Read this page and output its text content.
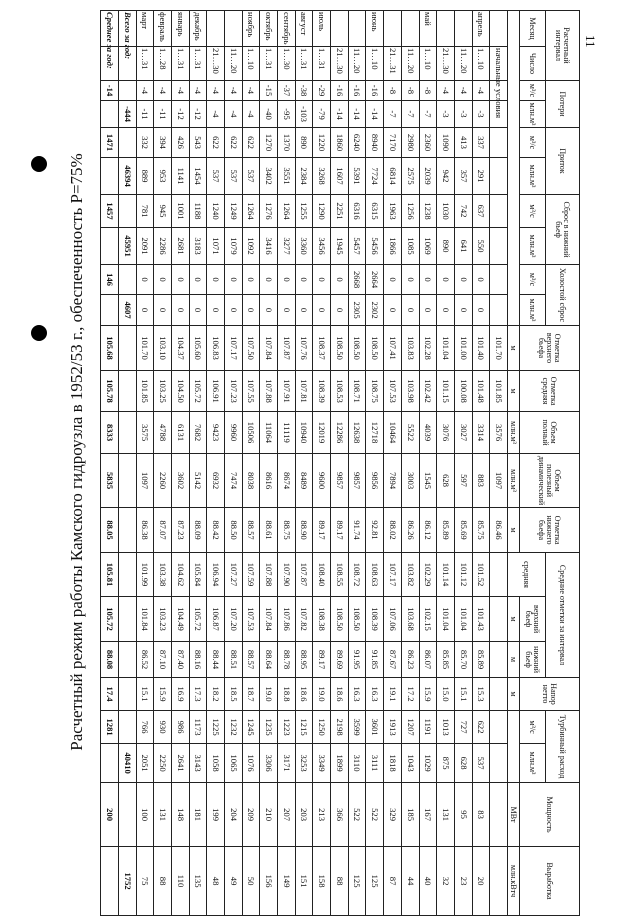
11
Расчетный режим работы Камского гидроузла в 1952/53 г., обеспеченность P=75%
Расчетный интервал		Потери		Приток		Сброс в нижний бьеф		Холостой сброс		Отметка верхнего бьефа	Отметка средняя	Объем полный	Объем полезный динамический	Отметка нижнего бьефа	Средние отметки за интервал			Напор нетто	Турбинный расход		Мощность	Выработка
Месяц	Число	м³/с	млн.м³	м³/с	млн.м³	м³/с	млн.м³	м³/с	млн.м³						средняя	верхний бьеф	нижний бьеф		м³/с	млн.м³		
										м	м	млн.м³	млн.м³	м		м	м	м			МВт	млн.кВтч
	начальные условия									101.70	101.85	3576	1097	86.46								
апрель	1…10	-4	-3	337	291	637	550	0	0	101.40	101.48	3314	883	85.75	101.52	101.43	85.89	15.3	622	537	83	20
	11…20	-4	-3	413	357	742	641	0	0	101.00	100.08	3027	597	85.69	101.12	101.04	85.70	15.1	727	628	95	23
	21…30	-4	-3	1090	942	1030	890	0	0	101.04	101.15	3076	628	85.89	101.14	101.04	85.85	15.0	1013	875	131	32
май	1…10	-8	-7	2360	2039	1238	1069	0	0	102.28	102.42	4039	1545	86.12	102.29	102.15	86.07	15.9	1191	1029	167	40
	11…20	-8	-7	2980	2575	1256	1085	0	0	103.83	103.98	5522	3003	86.26	103.82	103.68	86.23	17.2	1207	1043	185	44
	21…31	-8	-7	7170	6814	1963	1866	0	0	107.41	107.53	10464	7894	88.02	107.17	107.06	87.67	19.1	1913	1818	329	87
июнь	1…10	-16	-14	8940	7724	6315	5456	2664	2302	108.50	108.75	12718	9856	92.81	108.63	108.39	91.85	16.3	3601	3111	522	125
	11…20	-16	-14	6240	5391	6316	5457	2668	2305	108.50	108.71	12638	9857	91.74	108.72	108.50	91.95	16.3	3599	3110	522	125
	21…30	-16	-14	1860	1607	2251	1945	0	0	108.50	108.53	12286	9857	89.17	108.55	108.50	89.69	18.6	2198	1899	366	88
июль	1…31	-29	-79	1220	3268	1290	3456	0	0	108.37	108.39	12019	9600	89.17	108.40	108.38	89.17	19.0	1250	3349	213	158
август	1…31	-38	-103	890	2384	1255	3360	0	0	107.76	107.81	10940	8489	88.90	107.87	107.82	88.95	18.6	1215	3253	203	151
сентябрь	1…30	-37	-95	1370	3551	1264	3277	0	0	107.87	107.91	11119	8674	88.75	107.90	107.86	88.78	18.8	1223	3171	207	149
октябрь	1…31	-15	-40	1270	3402	1276	3416	0	0	107.84	107.88	11064	8616	88.61	107.88	107.84	88.64	19.0	1235	3306	210	156
ноябрь	1…10	-4	-4	622	537	1264	1092	0	0	107.50	107.55	10506	8038	88.57	107.59	107.53	88.57	18.7	1245	1076	209	50
	11…20	-4	-4	622	537	1249	1079	0	0	107.17	107.23	9960	7474	88.50	107.27	107.20	88.51	18.5	1232	1065	204	49
	21…30	-4	-4	622	537	1240	1071	0	0	106.83	106.91	9423	6932	88.42	106.94	106.87	88.44	18.2	1225	1058	199	48
декабрь	1…31	-4	-12	543	1454	1188	3183	0	0	105.60	105.72	7682	5142	88.09	105.84	105.72	88.16	17.3	1173	3143	181	135
январь	1…31	-4	-12	426	1141	1001	2681	0	0	104.37	104.50	6131	3602	87.23	104.62	104.49	87.40	16.9	986	2641	148	110
февраль	1…28	-4	-11	394	953	945	2286	0	0	103.10	103.25	4788	2260	87.07	103.38	103.23	87.10	15.9	930	2250	131	88
март	1…31	-4	-11	332	889	781	2091	0	0	101.70	101.85	3575	1097	86.38	101.99	101.84	86.52	15.1	766	2051	100	75
Всего за год:			-444		46394		45951		4607											40410		1752
Среднее за год:		-14		1471		1457		146		105.68	105.78	8333	5835	88.05	105.81	105.72	88.08	17.4	1281		200	
